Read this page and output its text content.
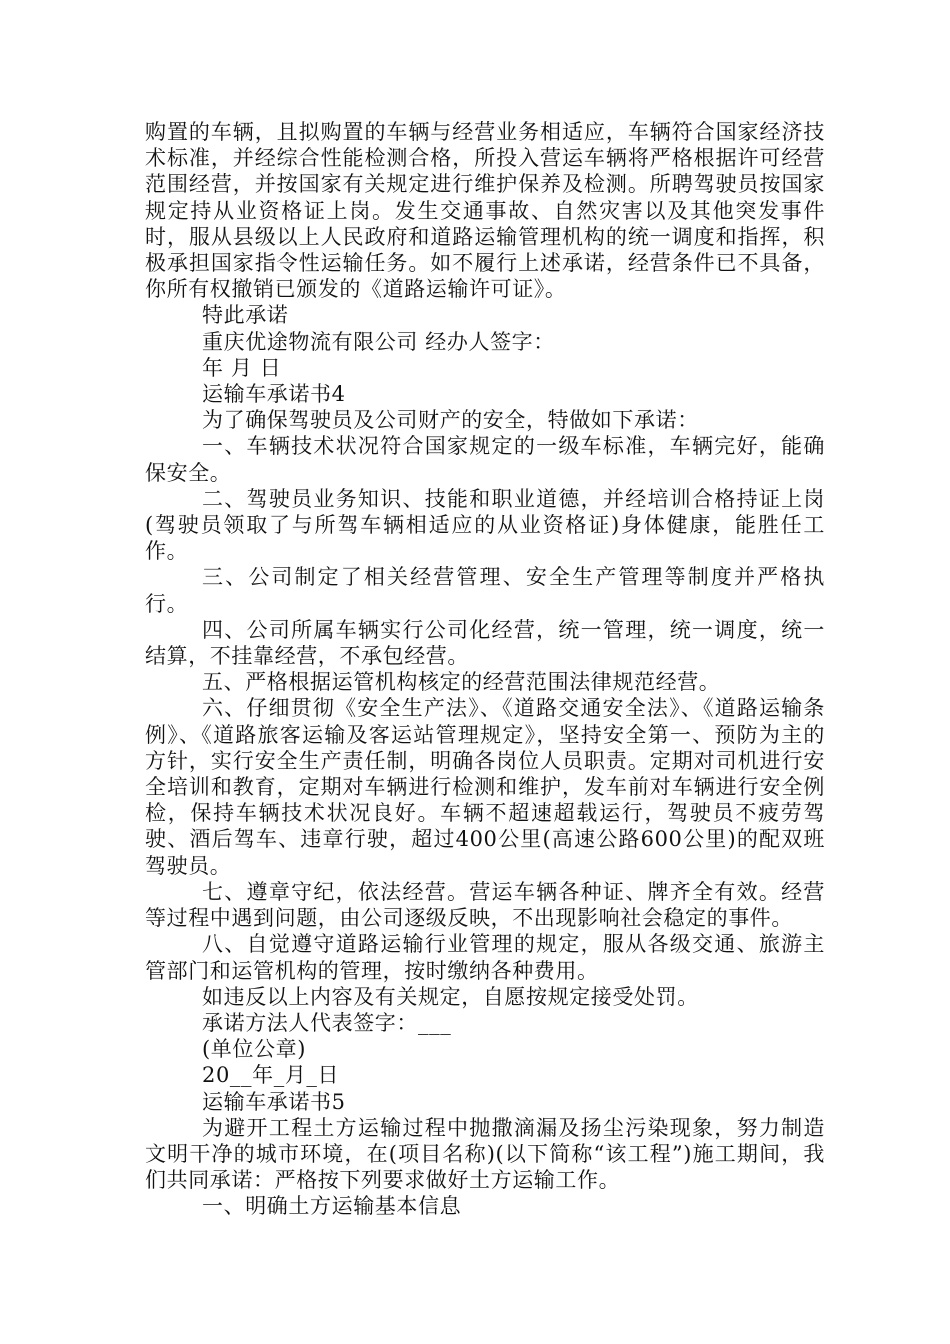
购置的车辆，且拟购置的车辆与经营业务相适应，车辆符合国家经济技术标准，并经综合性能检测合格，所投入营运车辆将严格根据许可经营范围经营，并按国家有关规定进行维护保养及检测。所聘驾驶员按国家规定持从业资格证上岗。发生交通事故、自然灾害以及其他突发事件时，服从县级以上人民政府和道路运输管理机构的统一调度和指挥，积极承担国家指令性运输任务。如不履行上述承诺，经营条件已不具备，你所有权撤销已颁发的《道路运输许可证》。

特此承诺

重庆优途物流有限公司 经办人签字：

年 月 日

运输车承诺书4

为了确保驾驶员及公司财产的安全，特做如下承诺：

一、车辆技术状况符合国家规定的一级车标准，车辆完好，能确保安全。

二、驾驶员业务知识、技能和职业道德，并经培训合格持证上岗(驾驶员领取了与所驾车辆相适应的从业资格证)身体健康，能胜任工作。

三、公司制定了相关经营管理、安全生产管理等制度并严格执行。

四、公司所属车辆实行公司化经营，统一管理，统一调度，统一结算，不挂靠经营，不承包经营。

五、严格根据运管机构核定的经营范围法律规范经营。

六、仔细贯彻《安全生产法》、《道路交通安全法》、《道路运输条例》、《道路旅客运输及客运站管理规定》，坚持安全第一、预防为主的方针，实行安全生产责任制，明确各岗位人员职责。定期对司机进行安全培训和教育，定期对车辆进行检测和维护，发车前对车辆进行安全例检，保持车辆技术状况良好。车辆不超速超载运行，驾驶员不疲劳驾驶、酒后驾车、违章行驶，超过400公里(高速公路600公里)的配双班驾驶员。

七、遵章守纪，依法经营。营运车辆各种证、牌齐全有效。经营等过程中遇到问题，由公司逐级反映，不出现影响社会稳定的事件。

八、自觉遵守道路运输行业管理的规定，服从各级交通、旅游主管部门和运管机构的管理，按时缴纳各种费用。

如违反以上内容及有关规定，自愿按规定接受处罚。

承诺方法人代表签字：___

(单位公章)

20__年_月_日

运输车承诺书5

为避开工程土方运输过程中抛撒滴漏及扬尘污染现象，努力制造文明干净的城市环境，在(项目名称)(以下简称“该工程”)施工期间，我们共同承诺：严格按下列要求做好土方运输工作。

一、明确土方运输基本信息
